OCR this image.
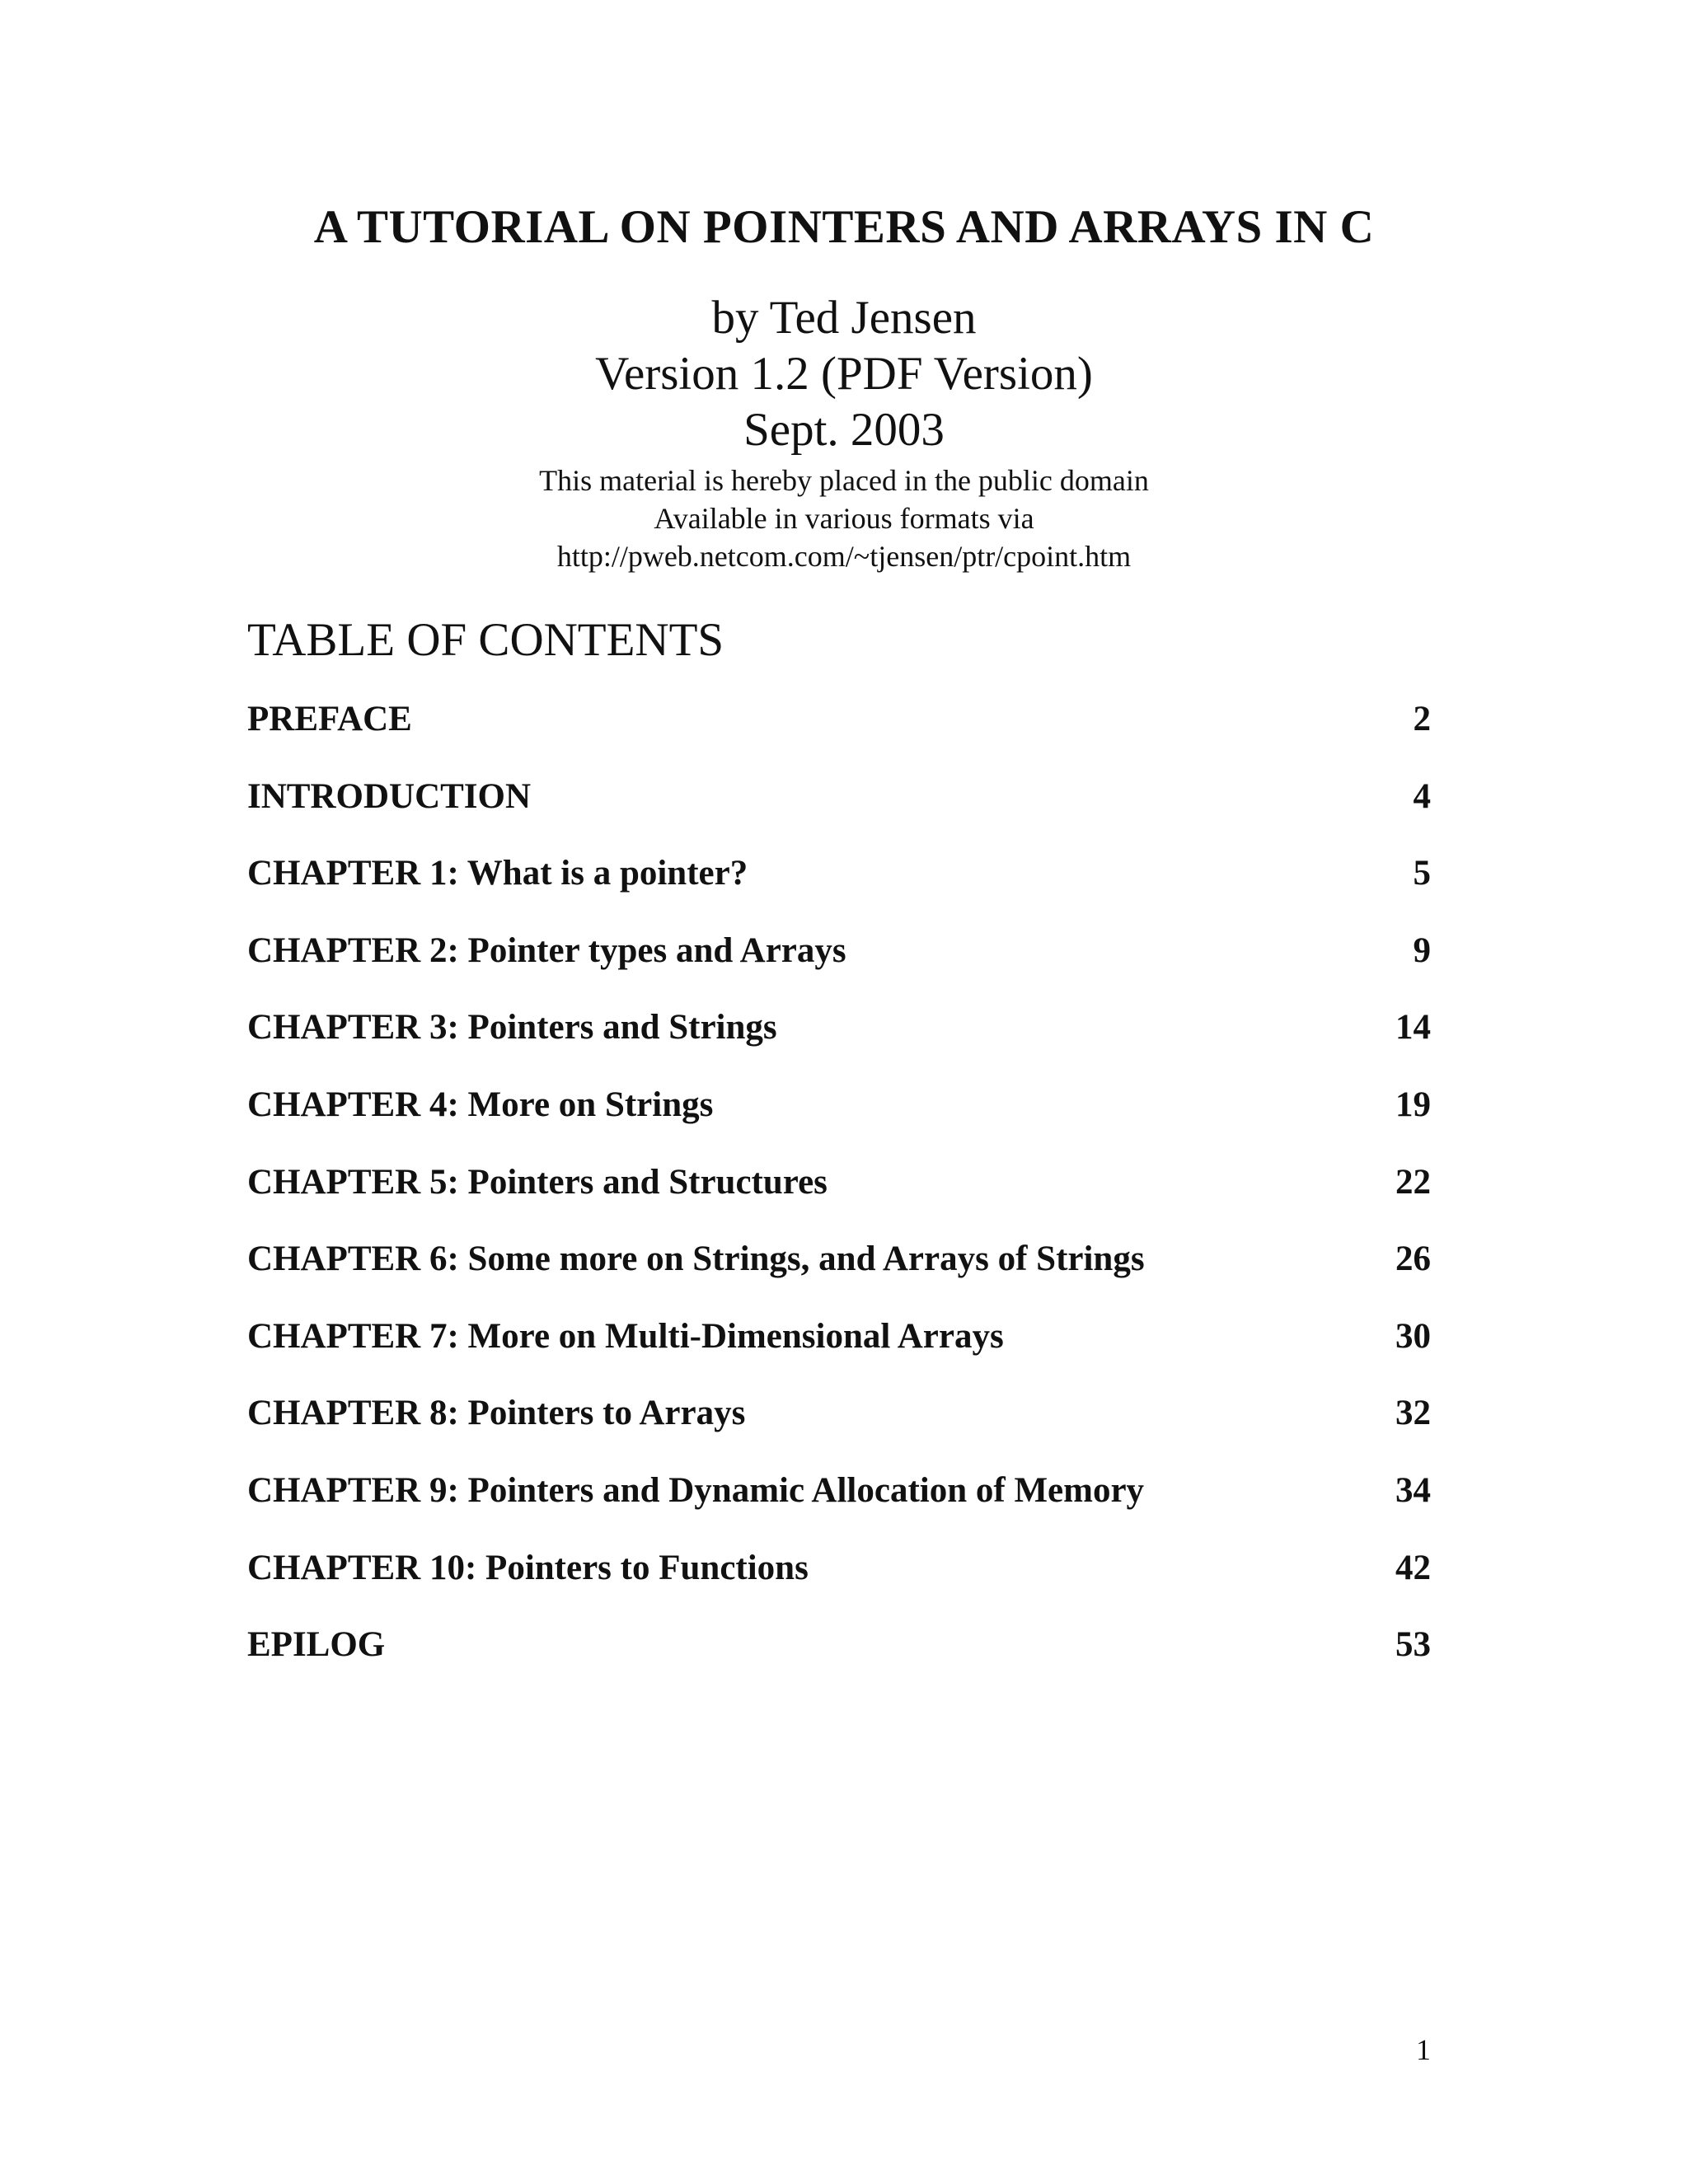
A TUTORIAL ON POINTERS AND ARRAYS IN C
by Ted Jensen
Version 1.2 (PDF Version)
Sept. 2003
This material is hereby placed in the public domain
Available in various formats via
http://pweb.netcom.com/~tjensen/ptr/cpoint.htm
TABLE OF CONTENTS
PREFACE	2
INTRODUCTION	4
CHAPTER 1: What is a pointer?	5
CHAPTER 2: Pointer types and Arrays	9
CHAPTER 3: Pointers and Strings	14
CHAPTER 4: More on Strings	19
CHAPTER 5: Pointers and Structures	22
CHAPTER 6: Some more on Strings, and Arrays of Strings	26
CHAPTER 7: More on Multi-Dimensional Arrays	30
CHAPTER 8: Pointers to Arrays	32
CHAPTER 9: Pointers and Dynamic Allocation of Memory	34
CHAPTER 10: Pointers to Functions	42
EPILOG	53
1
